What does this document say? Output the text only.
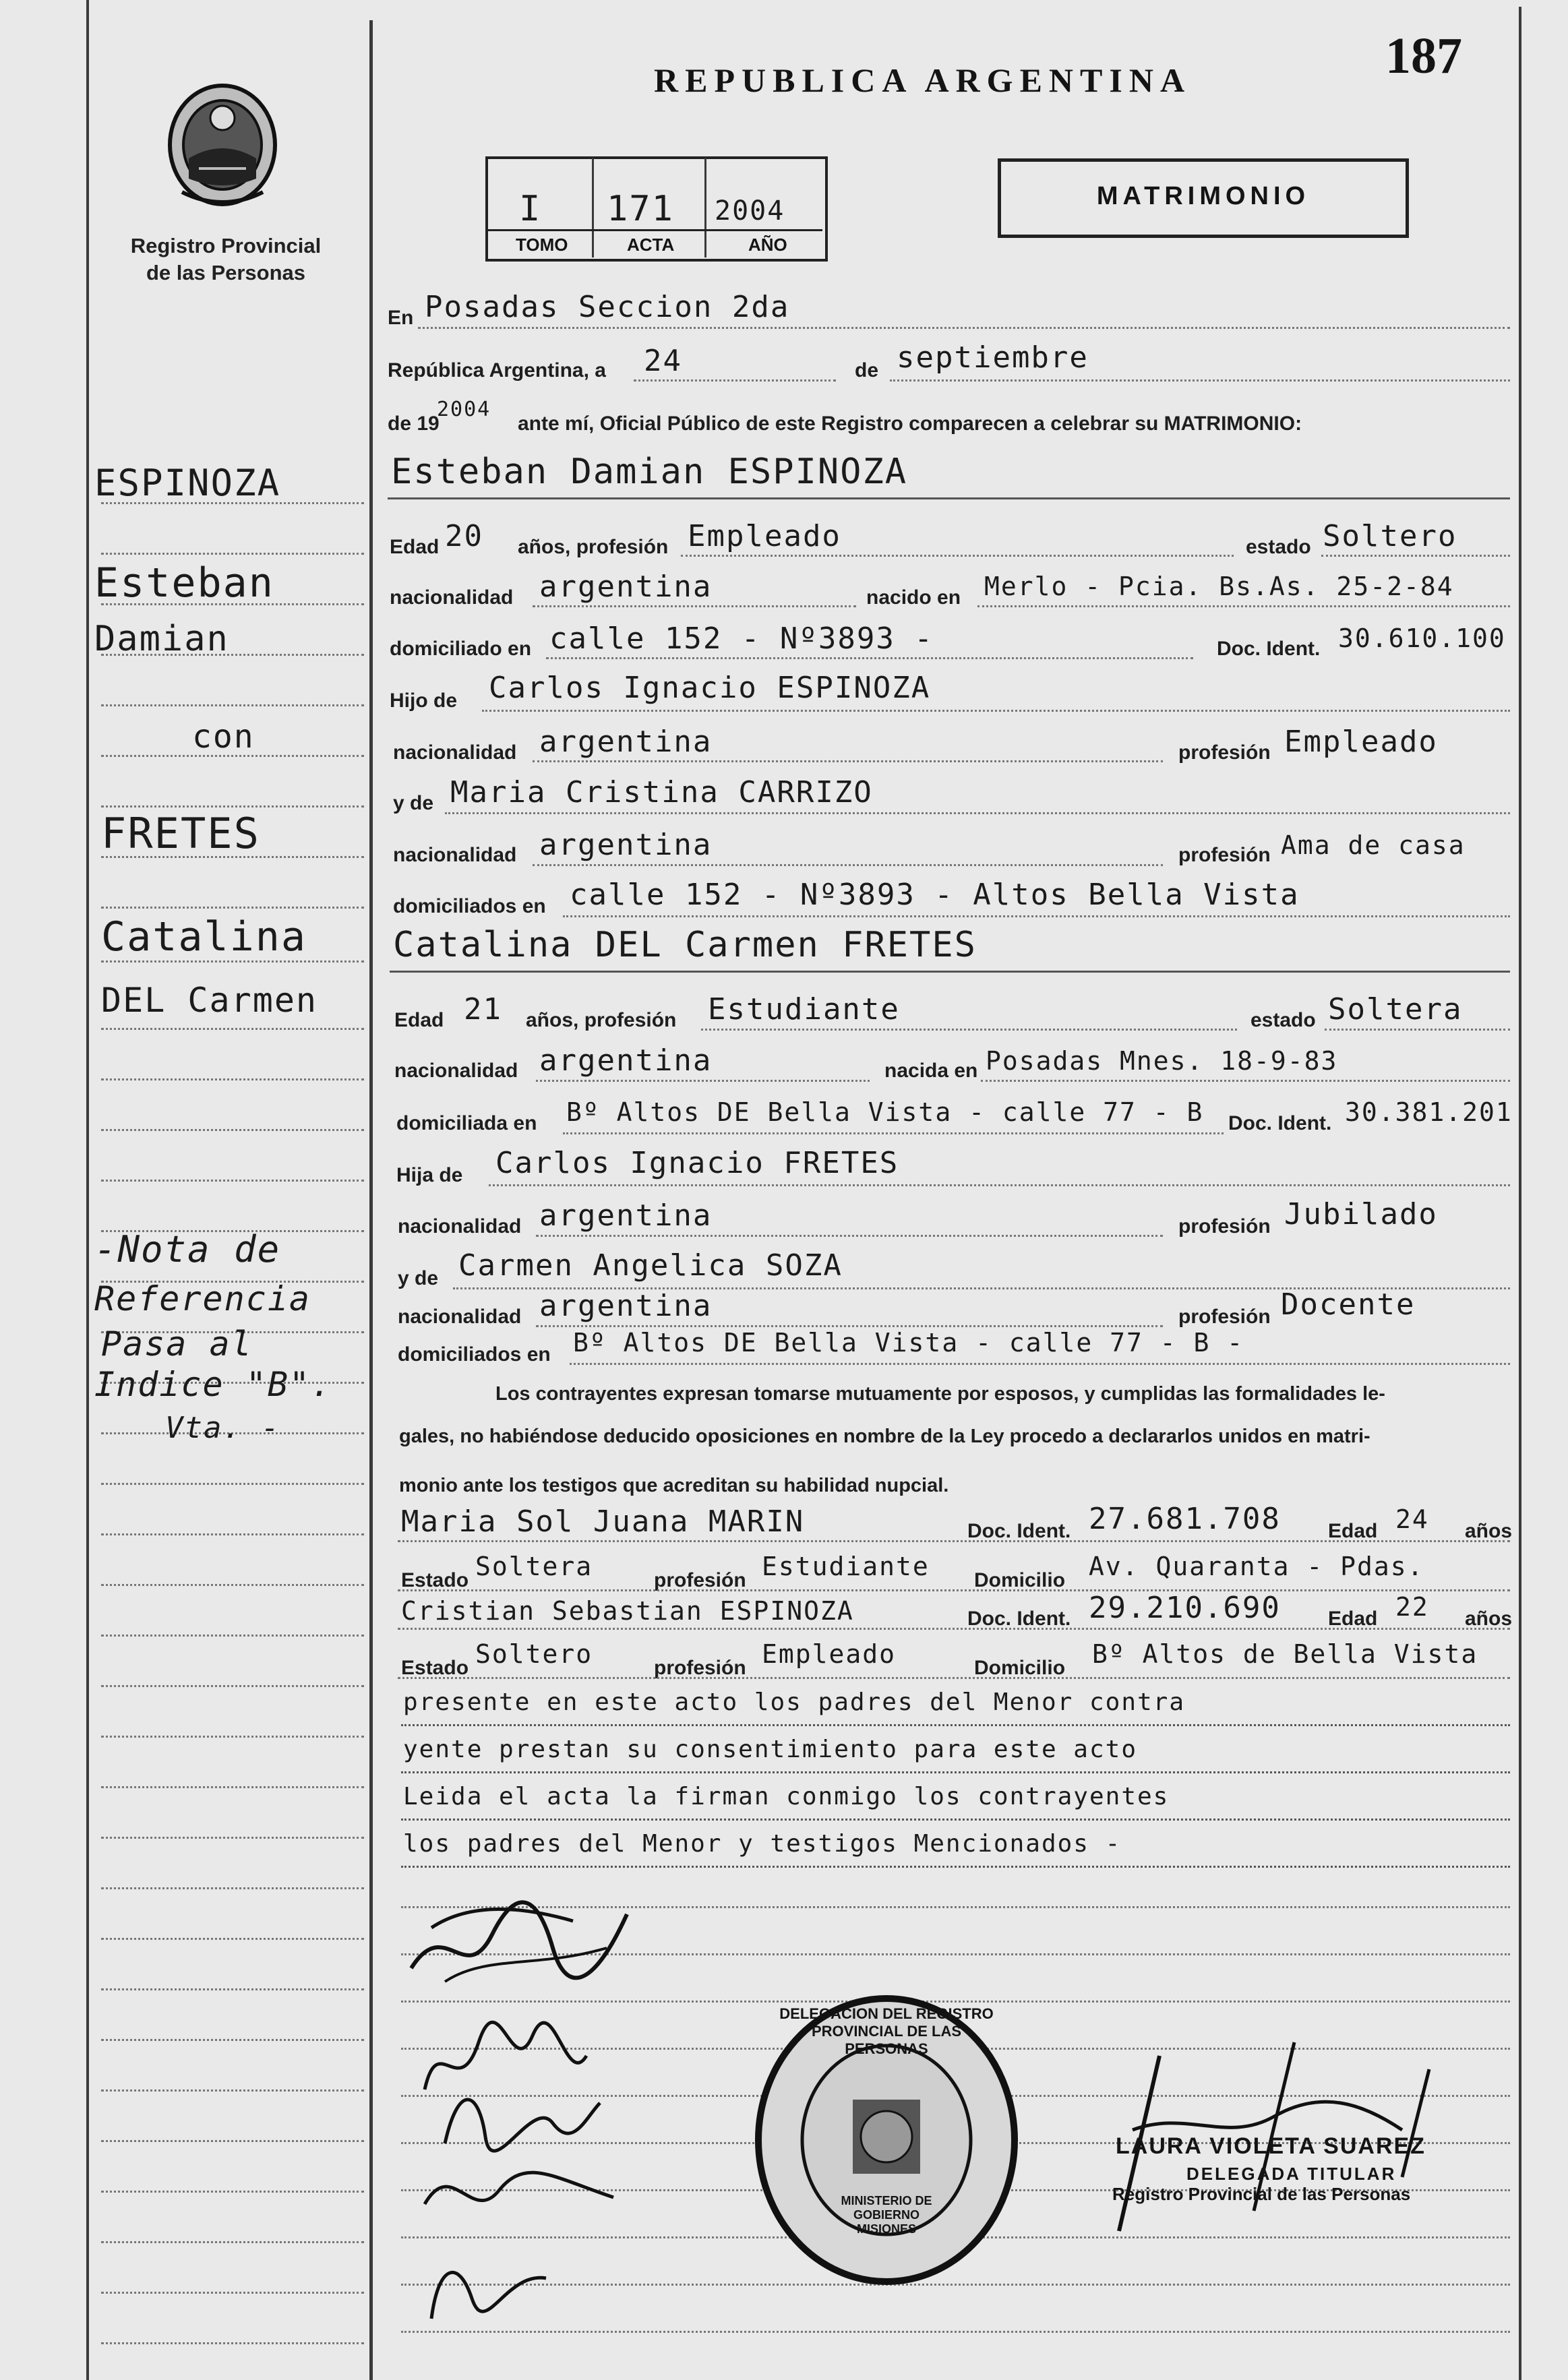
Registro Provincial
de las Personas
REPUBLICA ARGENTINA	187
I 171 2004
TOMO	ACTA	AÑO
MATRIMONIO
En Posadas Seccion 2da
República Argentina, a 24	de septiembre
de 19
2004
ante mí, Oficial Público de este Registro comparecen a celebrar su MATRIMONIO:
Esteban Damian ESPINOZA
Edad 20 años, profesión Empleado	estado Soltero
nacionalidad argentina	nacido en Merlo - Pcia. Bs.As. 25-2-84
domiciliado en calle 152 - Nº3893 -	Doc. Ident. 30.610.100
Hijo de Carlos Ignacio ESPINOZA
nacionalidad argentina	profesión Empleado
y de Maria Cristina CARRIZO
nacionalidad argentina	profesión Ama de casa
domiciliados en calle 152 - Nº3893 - Altos Bella Vista
Catalina DEL Carmen FRETES
Edad 21 años, profesión Estudiante	estado Soltera
nacionalidad argentina	nacida en Posadas Mnes. 18-9-83
domiciliada en Bº Altos DE Bella Vista - calle 77 - B Doc. Ident. 30.381.201
Hija de Carlos Ignacio FRETES
nacionalidad argentina	profesión Jubilado
y de Carmen Angelica SOZA
nacionalidad argentina	profesión Docente
domiciliados en Bº Altos DE Bella Vista - calle 77 - B -
Los contrayentes expresan tomarse mutuamente por esposos, y cumplidas las formalidades le-
gales, no habiéndose deducido oposiciones en nombre de la Ley procedo a declararlos unidos en matri-
monio ante los testigos que acreditan su habilidad nupcial.
Maria Sol Juana MARIN	Doc. Ident. 27.681.708 Edad 24 años
Estado Soltera	profesión Estudiante Domicilio Av. Quaranta - Pdas.
Cristian Sebastian ESPINOZA	Doc. Ident. 29.210.690 Edad 22 años
Estado Soltero	profesión Empleado	Domicilio Bº Altos de Bella Vista
presente en este acto los padres del Menor contra
yente prestan su consentimiento para este acto
Leida el acta la firman conmigo los contrayentes
los padres del Menor y testigos Mencionados -
ESPINOZA
Esteban
Damian
con
FRETES
Catalina
DEL Carmen
-Nota de
Referencia
Pasa al
Indice "B".
Vta. -
DELEGACION DEL REGISTRO PROVINCIAL DE LAS PERSONAS
MINISTERIO DE GOBIERNO MISIONES
LAURA VIOLETA SUAREZ
DELEGADA TITULAR
Registro Provincial de las Personas
